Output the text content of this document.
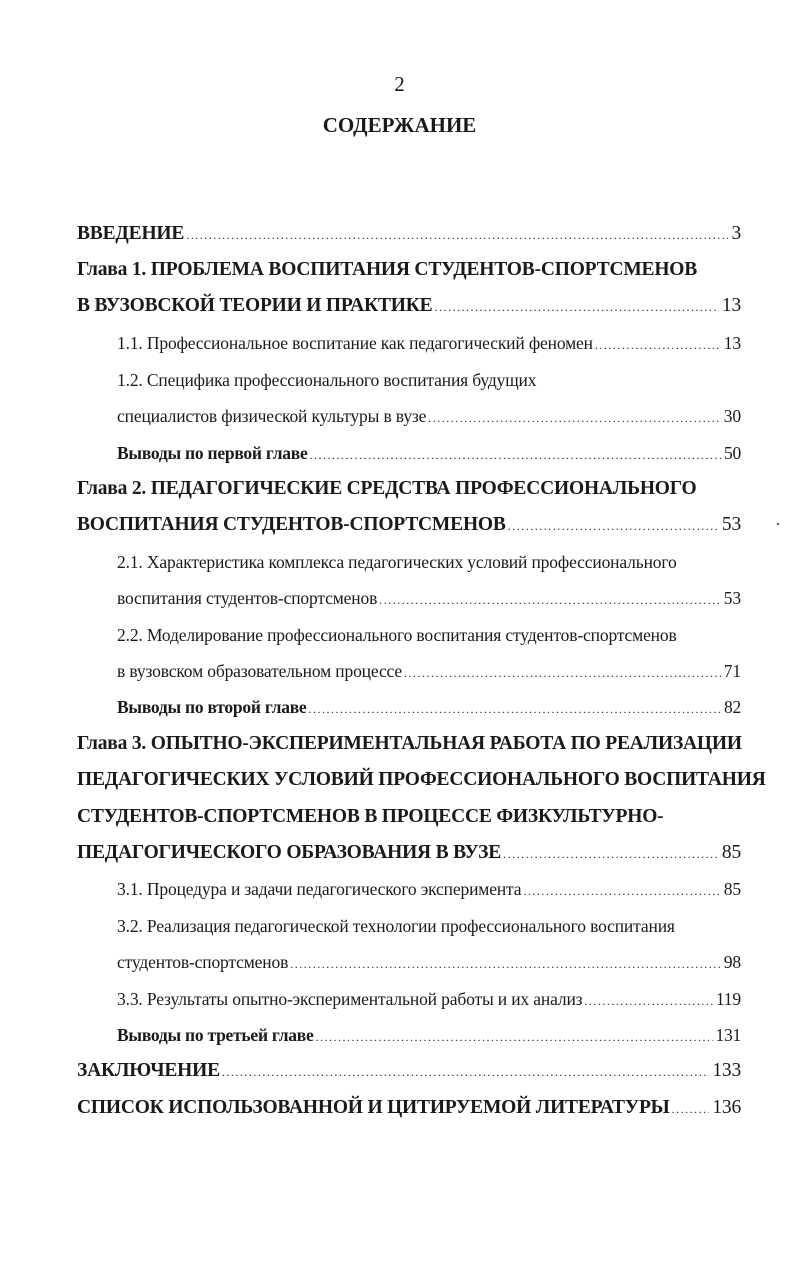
2
СОДЕРЖАНИЕ
ВВЕДЕНИЕ .....	3
Глава 1. ПРОБЛЕМА ВОСПИТАНИЯ СТУДЕНТОВ-СПОРТСМЕНОВ
В ВУЗОВСКОЙ ТЕОРИИ И ПРАКТИКЕ .....	13
1.1. Профессиональное воспитание как педагогический феномен .....	13
1.2. Специфика профессионального воспитания будущих
специалистов физической культуры в вузе .....	30
Выводы по первой главе .....	50
Глава 2. ПЕДАГОГИЧЕСКИЕ СРЕДСТВА ПРОФЕССИОНАЛЬНОГО
ВОСПИТАНИЯ СТУДЕНТОВ-СПОРТСМЕНОВ .....	53
2.1. Характеристика комплекса педагогических условий профессионального
воспитания студентов-спортсменов .....	53
2.2. Моделирование профессионального воспитания студентов-спортсменов
в вузовском образовательном процессе .....	71
Выводы по второй главе .....	82
Глава 3. ОПЫТНО-ЭКСПЕРИМЕНТАЛЬНАЯ РАБОТА ПО РЕАЛИЗАЦИИ
ПЕДАГОГИЧЕСКИХ УСЛОВИЙ ПРОФЕССИОНАЛЬНОГО ВОСПИТАНИЯ
СТУДЕНТОВ-СПОРТСМЕНОВ В ПРОЦЕССЕ ФИЗКУЛЬТУРНО-
ПЕДАГОГИЧЕСКОГО ОБРАЗОВАНИЯ В ВУЗЕ .....	85
3.1. Процедура и задачи педагогического эксперимента .....	85
3.2. Реализация педагогической технологии профессионального воспитания
студентов-спортсменов .....	98
3.3. Результаты опытно-экспериментальной работы и их анализ .....	119
Выводы по третьей главе .....	131
ЗАКЛЮЧЕНИЕ .....	133
СПИСОК ИСПОЛЬЗОВАННОЙ И ЦИТИРУЕМОЙ ЛИТЕРАТУРЫ ..... 136
